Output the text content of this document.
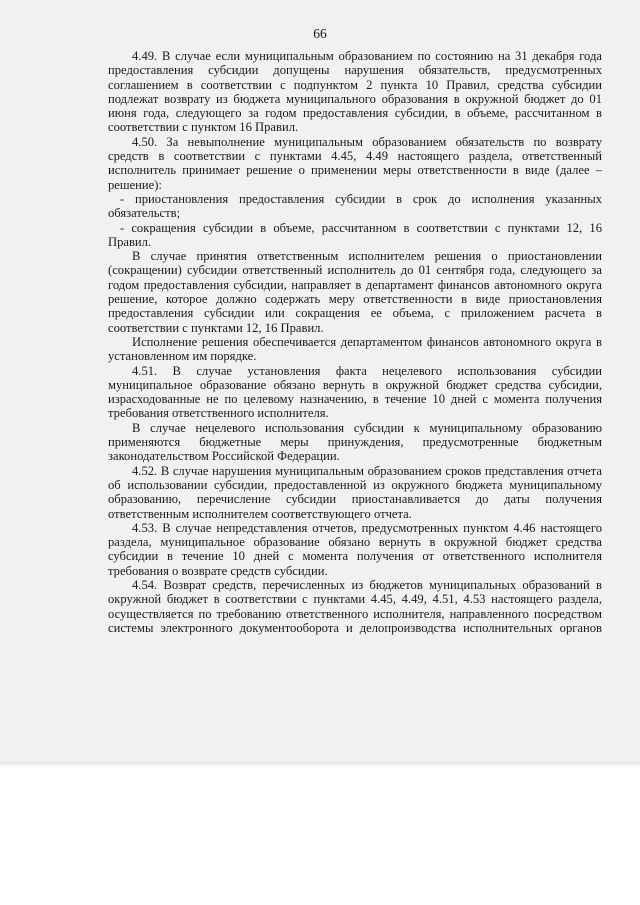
66

4.49. В случае если муниципальным образованием по состоянию на 31 декабря года предоставления субсидии допущены нарушения обязательств, предусмотренных соглашением в соответствии с подпунктом 2 пункта 10 Правил, средства субсидии подлежат возврату из бюджета муниципального образования в окружной бюджет до 01 июня года, следующего за годом предоставления субсидии, в объеме, рассчитанном в соответствии с пунктом 16 Правил.

4.50. За невыполнение муниципальным образованием обязательств по возврату средств в соответствии с пунктами 4.45, 4.49 настоящего раздела, ответственный исполнитель принимает решение о применении меры ответственности в виде (далее – решение):

- приостановления предоставления субсидии в срок до исполнения указанных обязательств;

- сокращения субсидии в объеме, рассчитанном в соответствии с пунктами 12, 16 Правил.

В случае принятия ответственным исполнителем решения о приостановлении (сокращении) субсидии ответственный исполнитель до 01 сентября года, следующего за годом предоставления субсидии, направляет в департамент финансов автономного округа решение, которое должно содержать меру ответственности в виде приостановления предоставления субсидии или сокращения ее объема, с приложением расчета в соответствии с пунктами 12, 16 Правил.

Исполнение решения обеспечивается департаментом финансов автономного округа в установленном им порядке.

4.51. В случае установления факта нецелевого использования субсидии муниципальное образование обязано вернуть в окружной бюджет средства субсидии, израсходованные не по целевому назначению, в течение 10 дней с момента получения требования ответственного исполнителя.

В случае нецелевого использования субсидии к муниципальному образованию применяются бюджетные меры принуждения, предусмотренные бюджетным законодательством Российской Федерации.

4.52. В случае нарушения муниципальным образованием сроков представления отчета об использовании субсидии, предоставленной из окружного бюджета муниципальному образованию, перечисление субсидии приостанавливается до даты получения ответственным исполнителем соответствующего отчета.

4.53. В случае непредставления отчетов, предусмотренных пунктом 4.46 настоящего раздела, муниципальное образование обязано вернуть в окружной бюджет средства субсидии в течение 10 дней с момента получения от ответственного исполнителя требования о возврате средств субсидии.

4.54. Возврат средств, перечисленных из бюджетов муниципальных образований в окружной бюджет в соответствии с пунктами 4.45, 4.49, 4.51, 4.53 настоящего раздела, осуществляется по требованию ответственного исполнителя, направленного посредством системы электронного документооборота и делопроизводства исполнительных органов
